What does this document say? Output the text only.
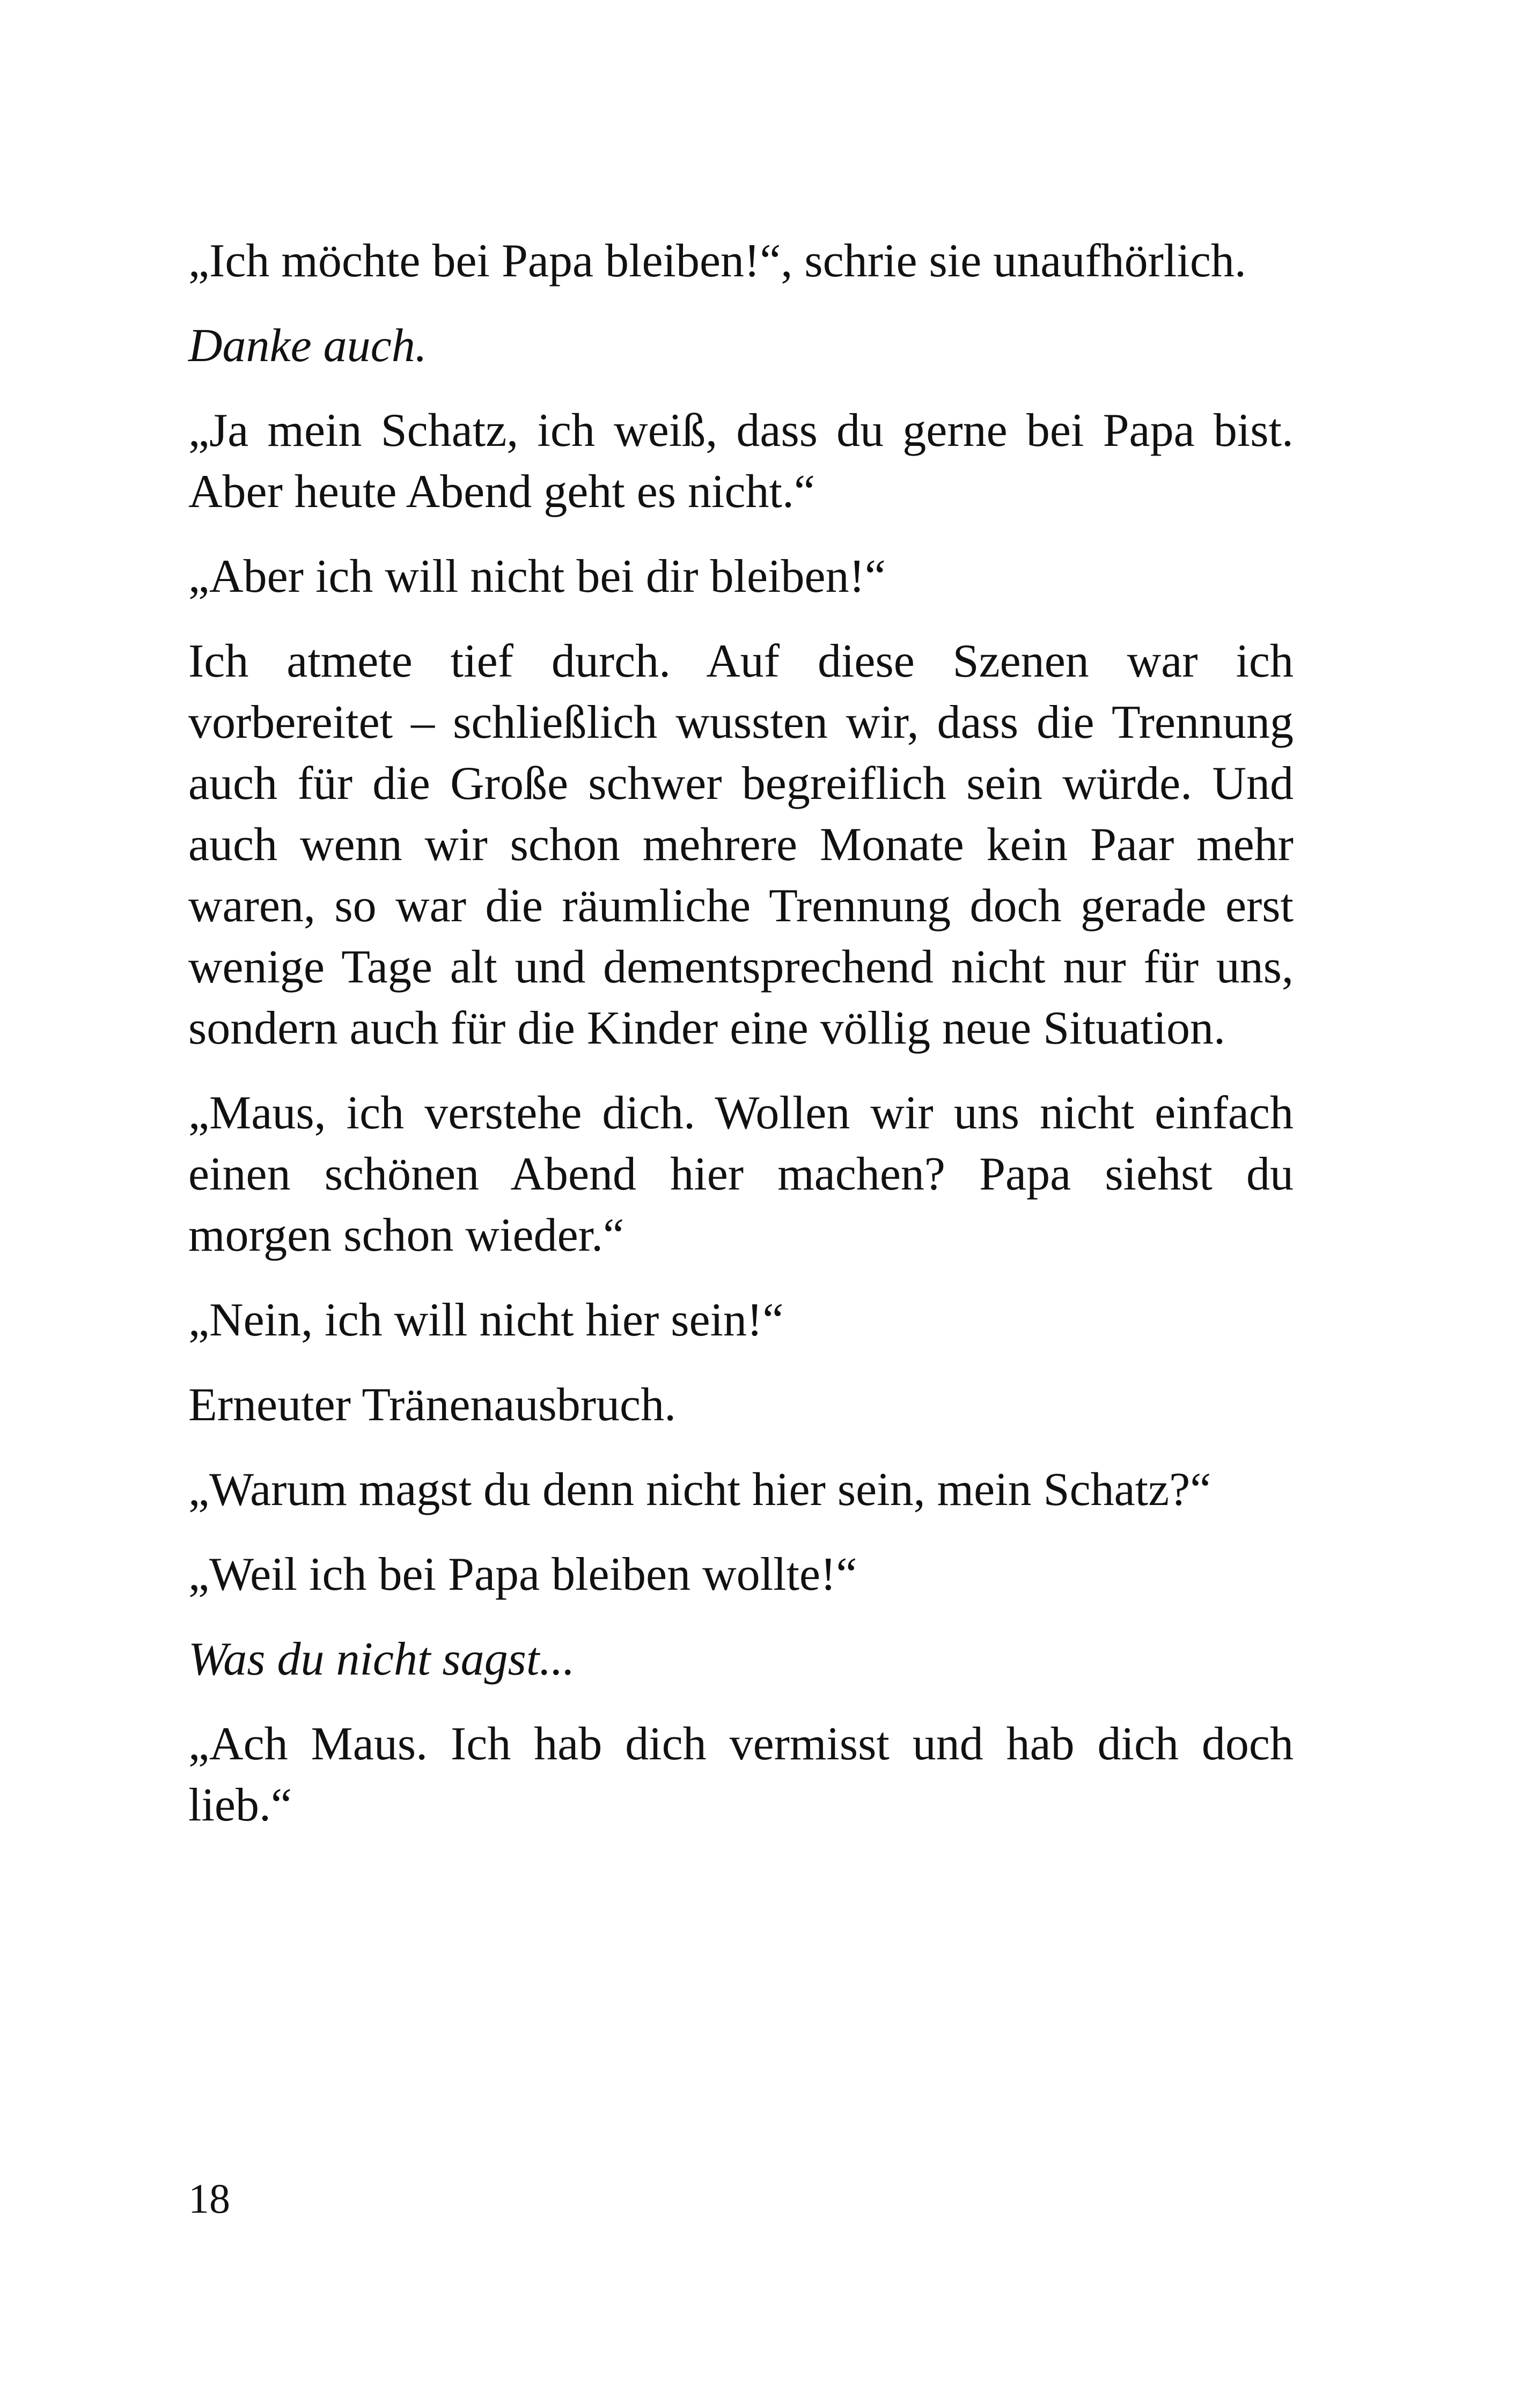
„Ich möchte bei Papa bleiben!“, schrie sie unaufhörlich.

Danke auch.

„Ja mein Schatz, ich weiß, dass du gerne bei Papa bist. Aber heute Abend geht es nicht.“

„Aber ich will nicht bei dir bleiben!“

Ich atmete tief durch. Auf diese Szenen war ich vorbereitet – schließlich wussten wir, dass die Trennung auch für die Große schwer begreiflich sein würde. Und auch wenn wir schon mehrere Monate kein Paar mehr waren, so war die räumliche Trennung doch gerade erst wenige Tage alt und dementsprechend nicht nur für uns, sondern auch für die Kinder eine völlig neue Situation.

„Maus, ich verstehe dich. Wollen wir uns nicht einfach einen schönen Abend hier machen? Papa siehst du morgen schon wieder.“

„Nein, ich will nicht hier sein!“

Erneuter Tränenausbruch.

„Warum magst du denn nicht hier sein, mein Schatz?“

„Weil ich bei Papa bleiben wollte!“

Was du nicht sagst...

„Ach Maus. Ich hab dich vermisst und hab dich doch lieb.“

18
